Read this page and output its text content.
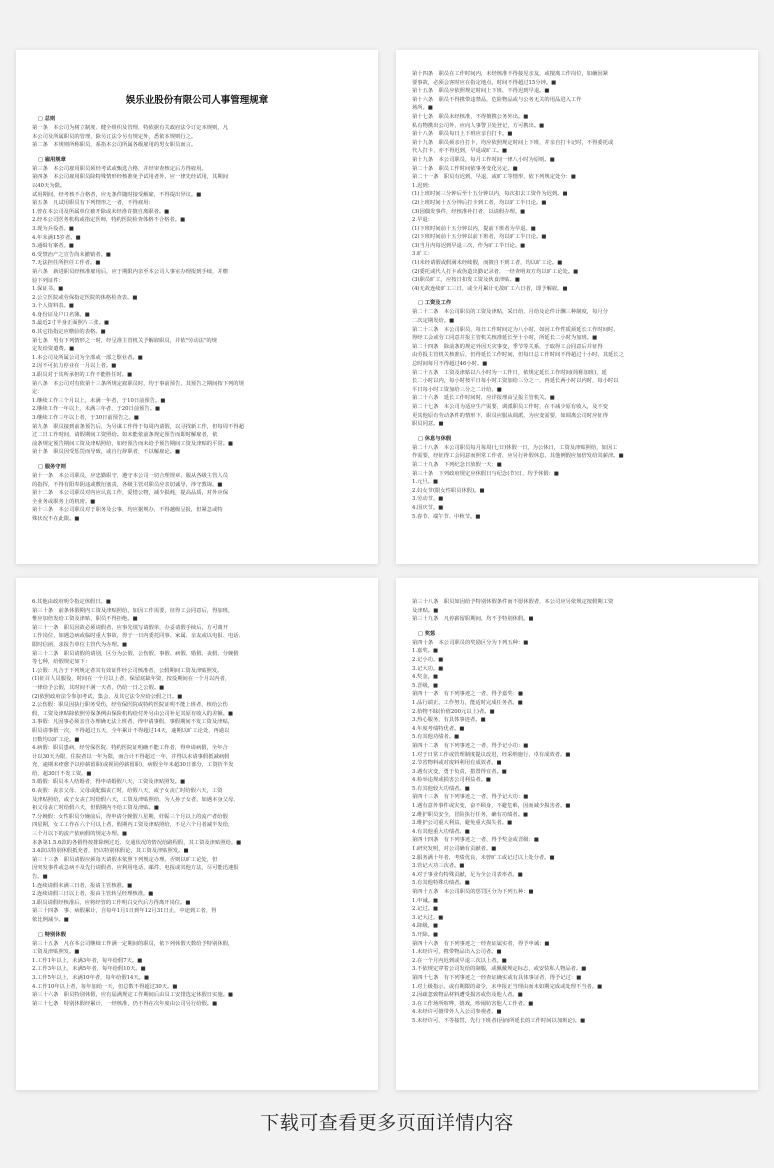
娱乐业股份有限公司人事管理规章
□ 总则
第一条　本公司为树立制度、健全组织及管理，特依据有关政府法令订定本规则，凡
本公司及所属职员的管理，除另订法令另有规定外，悉依本规则行之。
第二条　本规则所称职员，系指本公司所属各级雇用的男女职员而言。
□ 雇用规章
第三条　本公司雇用职员须经考试或甄选合格，并经审查核定后方得雇用。
第四条　本公司雇用职员除特殊情形经核准免予试用者外，应一律先经试用，其期间
以40天为限。
试用期间，经考核不合格者，应无条件随时接受解雇，不得提出异议。■
第五条　凡试用职员有下列情形之一者，不得雇用：
1.曾在本公司及所属单位被开除或未经准许擅自离职者。■
2.经本公司医务机构或指定医师，特约医院检查体格不合格者。■
3.现为兵役者。■
4.年未满15岁者。■
5.通缉有案者。■
6.受禁治产之宣告尚未撤销者。■
7.无法担任所担任工作者。■
第六条　新进职员经核准雇用后，应于期限内亲至本公司人事室办理报到手续，并缴
验下列证件：
1.保证书。■
2.公立医院或劳保指定医院的体格检查表。■
3.个人资料表。■
4.身份证及户口名簿。■
5.最近2寸半身正面照片三张。■
6.其它指指定应缴验的表格。■
第七条　男有下列情形之一时，经呈准主管机关予解雇职员，并依"劳动法"的规
定发给资遣费。■
1.本公司及所属公司为全部或一部之歇业者。■
2.因不可抗力停业在一月以上者。■
3.职员对于其所承担的工作不能胜任时。■
第八条　本公司对有依第十三条所规定雇职员时，均于事前预告，其预告之期间按下列的规
定：
1.继续工作三个月以上，未满一年者，于10日前预告。■
2.继续工作一年以上，未满三年者，于20日前预告。■
3.继续工作三年以上者，于30日前预告之。■
第九条　职员接到前条预告后，为另谋工作得于每周内请假，以寻找新工作，但每周不得超
过二日工作时间，请假期间工资照给。如未能依前条规定预告而即时解雇者，依
前条规定预告期间工资及津贴照给，如经预告而未给予预告期间工资及津贴的平常。■
第十条　职员因受惩罚而导致，或自行辞职者，不以解雇论。■
□ 服务守则
第十一条　本公司职员，应忠勤职守，遵守本公司一切合理规章，服从各级主管人员
的指挥，不得有阳奉阴违或敷衍塞责，各级主管对职员应亲切诚导，涉守教诲。■
第十二条　本公司职员对内应认真工作，爱惜公物，减少损耗，提高品质，对外应保
全业务或职务上的机密。■
第十三条　本公司职员对于职务及公事，均应据规办，不得越级呈报，但紧急或特
殊状况不在此限。■
第十四条　职员在工作时间内，未经核准不得接见亲友，或擅离工作岗位，如确因紧
要事故，必须会客时应在指定地点，时间不得超过15分钟。■
第十五条　职员应依照规定时间上下班，不得迟到早退。■
第十六条　职员不得携带违禁品，危险物品或与公务无关的用品进入工作
场所。■
第十七条　职员未经核准，不得擅携公务外出。■
私有物携出公司外，应向人事警卫处登记，方可携出。■
第十八条　职员每日上下班应亲自打卡。■
第十九条　职员须亲自打卡，均应依照规定时间上下班，并亲自打卡记时，不得委托或
代人打卡，亦不得迟到，早退或旷工。■
第十九条　本公司职员，每月工作时间一律八小时为原则。■
第二十条　职员工作时间依事务变化另定。■
第二十一条　职员有迟到，早退，或旷工等情形，依下列规定处分：■
1.迟到：
(1)上班时间三分钟后至十五分钟以内，每次扣去工资作为迟到。■
(2)上班时间十五分钟后打卡到工者，均以旷工半日论。■
(3)因偶发事件，经核准补打者，以请假办理。■
2.早退：
(1)下班时间前十五分钟以内，提前下班者为早退。■
(2)下班时间前十五分钟以前下班者，均以旷工半日论。■
(3)当月内每迟到早退三次，作为旷工半日论。■
3.旷工：
(1)未经请假或假满未经续假，而擅自不到工者，均以旷工论。■
(2)委托或代人打卡或伪造出勤记录者，一经查明双方均以旷工论处。■
(3)职员旷工，应按日扣发工资及伙食津贴。■
(4)无故连续旷工三日，或全月累计无故旷工六日者，即予解雇。■
□ 工资及工作
第二十二条　本公司职员的工资及津贴，采日给、月给及论件计酬三种制度，每月分
二次定期发给。■
第二十三条　本公司职员，每日工作时间定为八小时，如因工作性质须延长工作时间时，
得经工会或劳工同意并报主管机关核准延长至十小时，所延长二小时为加班。■
第二十四条　除前条的规定外因天灾事变，季节等关系，于取得工会同意后并征得
由劳报主管机关核准后，仍得延长工作时间，但每日总工作时间不得超过十小时，其延长之
总时间每月不得超过46小时。■
第二十五条　工资及津贴以八小时为一工作日，依规定延长工作时间(简称加班)，延
长二小时以内，每小时按平日每小时工资加给三分之一，再延长两小时以内时，每小时以
平日每小时工资加给三分之二计给。■
第二十六条　延长工作时间时，应详报理由呈报主管机关。■
第二十七条　本公司为适应生产需要，调派职员工作时，在不减少原有收入，及不变
更其他原有劳动条件的情形下，职员应服从调派，为应变需要，如调离公司时应征得
职员同意。■
□ 休息与休假
第二十八条　本公司职员每月每周(七日)休假一日，为公休日，工资及津贴照给，如因工
作需要，经征得工会同意而照常工作者，应另行补假休息，其他例假应加倍发给其薪津。■
第二十九条　下列纪念日放假一天：■
第三十条　下列政府规定应休假日与纪念(节)日，均予休假：■
1.元旦。■
2.妇女节(限女性职员休假)。■
3.劳动节。■
4.国庆节。■
5.春节、端午节、中秋节。■
6.其他由政府明令指定休假日。■
第三十条　前条休假期内工资及津贴照给，如因工作需要，征得工会同意后，得加班，
惟应加倍发给工资及津贴，职员不得拒绝。■
第三十一条　职员因故必须请假者，应事先填写请假单，办妥请假手续后，方可离开
工作岗位，如遇急病或临时重大事故，得于一日内委托同事、家属、亲友或以电报、电话、
限时信函，求报告单位主管代为办理。■
第三十二条　职员请假的请别，区分为公假、公伤假、事假、病假、婚假、丧假、分娩假
等七种，给假规定如下：
1.公假：凡合于下列规定者其有效证件经公司核准者，公假期间工资及津贴照发。
(1)征召人员服役，时间在一个月以上者，保留底缺年资，按役期间在一个月以内者，
一律给予公假，其时间不满一天者，仍给一日之公假。■
(2)依照政府法令参加考试、集会、及其它法令应给公假之日。■
2.公伤假：职员因执行职务受伤，经劳保医院或特约医院证明不能上班者，核给公伤
假，工资及津贴除依照劳保条例由保险机构给付外另由公司补足其原有收入的差额。■
3.事假：凡因事必须亲自办理确无法上班者，得申请事假，事假期间不发工资及津贴，
职员请事假一次，不得超过五天，全年累计不得超过14天，逾期以旷工论处，再逾以
日数均以旷工论。■
4.病假：职员患病，经劳保医院、特约医院证明确不能工作者，得申请病假，全年合
计以30天为限，住院者以一年为限，而合计不得超过一年，并得以未请事假抵减病假
充，逾期未痊愈予以停薪留职(或视同停薪留职)，病假全年未超30日部分，工资折半发
给，超30日不发工资。■
5.婚假：职员本人结婚者，得申请婚假八天，工资及津贴照发。■
6.丧假：丧亲父母、父母或配偶丧亡时，给假八天，或子女丧亡时给假六天，工资
及津贴照给，或子女丧亡时给假六天，工资及津贴照给，为人孙子女者，如遇本身父母、
祖父母丧亡时给假六天，但假期内不给工资及津贴。■
7.分娩假：女性职员分娩前后，得申请分娩假八星期，妊娠三个月以上的流产者给假
四星期，女工工作在六个月以上者，假期内工资及津贴照给，不足六个月者减半发给，
三个月以下的流产依病假的规定办理。■
本条第1.5.6款的各假得按排除例过近、交通状况的情况给路程假，其工资及津贴照给。■
3.4款以特别休假抵充者，仍以特别休假论，其工资及津贴照发。■
第三十三条　职员请假应须每天请假本依照下列规定办理，否则以旷工论处，但
因突发事件或急病不及先行请假者，应利用电话、邮件、电报或其他方法，尽可能迅速报
告。■
1.连续请假未满三日者，报请主管核准。■
2.连续请假三日以上者，报由主管转呈经理核准。■
3.职员请假经核准后，应将经管的工作明白交代后方得离开岗位。■
第三十四条　事、病假累计，自每年1月1日到年12月31日止，中途到工者，得
依比例减少。■
□ 特别休假
第三十五条　凡在本公司继续工作满一定期间的职员，依下列休假天数给予特别休假，
工资及津贴照发。■
1.工作1年以上，未满3年者，每年给假7天。■
2.工作3年以上，未满5年者，每年给假10天。■
3.工作5年以上，未满10年者，每年给假14天。■
4.工作10年以上者，每年加给一天，但总数不得超过30天。■
第三十六条　职员特别休假，应有届满规定工作期间后由员工安排选定休假日实施。■
第三十七条　特别休假经累计，一经核准，仍不得在次年度由公司另行给假。■
第三十八条　职员如因给予特别休假条件而不愿休假者，本公司应另依规定按假期工资
及津贴。■
第三十九条　凡停薪留职期间，均不予特别休假。■
□ 奖惩
第四十条　本公司职员的奖励区分为下列五种：■
1.嘉奖。■
2.记小功。■
3.记大功。■
4.奖金。■
5.晋级。■
第四十一条　有下列事迹之一者，得予嘉奖：■
1.品行端正，工作努力，能适时完成任务者。■
2.拾物不昧(价值200元以上)者。■
3.热心服务，有具体事迹者。■
4.年度考绩特优者。■
5.有其他功绩者。■
第四十二条　有下列事迹之一者，得予记小功：■
1.对于日常工作或管理制度提议改进，经采纳施行，卓有成效者。■
2.节省物料或对废料利用有成效者。■
3.遇有灾变，勇于负责，措置得宜者。■
4.检举违规或损害公司利益者。■
5.有其他较大功绩者。■
第四十三条　有下列事迹之一者，得予记大功：■
1.遇有意外事件或灾变，奋不顾身，不避危难，因而减少损害者。■
2.维护职员安全，冒险执行任务，确有功绩者。■
3.维护公司重大利益，避免重大损失者。■
4.有其他重大功绩者。■
第四十四条　有下列事迹之一者，得予奖金或晋级：■
1.研究发明，对公司确有贡献者。■
2.服务满十年者，考绩优良，未曾旷工或记过以上处分者。■
3.管记大功三次者。■
4.对于事业有特殊贡献，足为全公司表率者。■
5.有其他特殊功绩者。■
第四十五条　本公司职员的惩罚区分为下列五种：■
1.申诫。■
2.记过。■
3.记大过。■
4.降级。■
5.开除。■
第四十六条　有下列事迹之一经查证属实者，得予申诫：■
1.未经许可，携带物品出入公司者。■
2.在一个月内迟到或早退三次以上者。■
3.不依规定穿着公司发给的制服，或佩戴规定标志，或安装私人物品者。■
第四十七条　有下列事迹之一经查证确实或有具体事证者，得予记过：■
1.对上级指示，或有期限的命令，未申报正当理由而未如期完成或处理不当者。■
2.因疏忽致物品材料遭受损害或伤及他人者。■
3.在工作场所喧哗，嬉戏，吵闹妨害他人工作者。■
4.未经许可擅带外人入公司参观者。■
5.未经许可，不等接替，先行下班者(因而所延长的工作时间以加班论)。■
下载可查看更多页面详情内容
